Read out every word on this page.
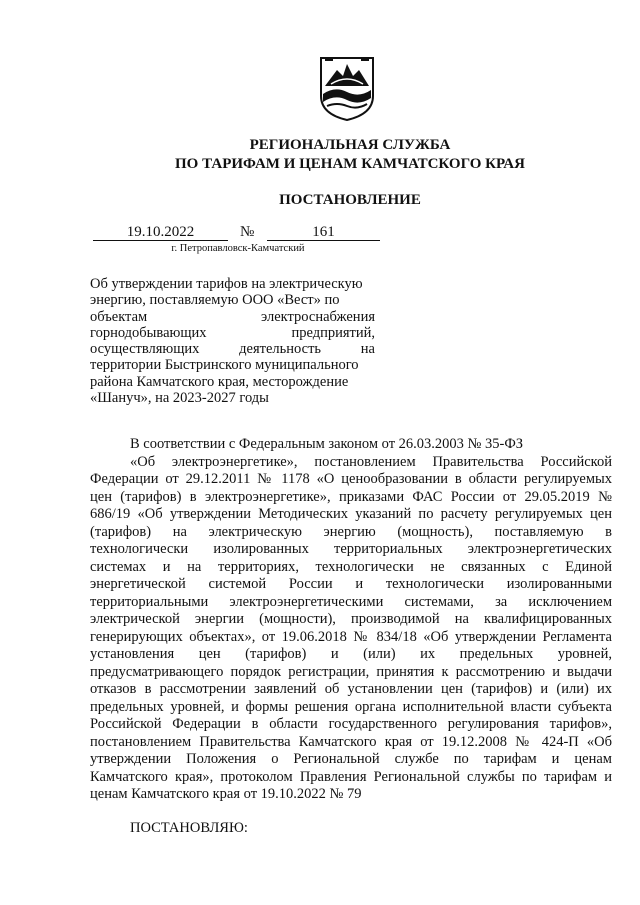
РЕГИОНАЛЬНАЯ СЛУЖБА
ПО ТАРИФАМ И ЦЕНАМ КАМЧАТСКОГО КРАЯ
ПОСТАНОВЛЕНИЕ
19.10.2022	№	161
г. Петропавловск-Камчатский

Об утверждении тарифов на электрическую

энергию, поставляемую ООО «Вест» по

объектам электроснабжения

горнодобывающих предприятий,

осуществляющих деятельность на

территории Быстринского муниципального

района Камчатского края, месторождение

«Шануч», на 2023-2027 годы

В соответствии с Федеральным законом от 26.03.2003 № 35-ФЗ

«Об электроэнергетике», постановлением Правительства Российской

Федерации от 29.12.2011 № 1178 «О ценообразовании в области регулируемых

цен (тарифов) в электроэнергетике», приказами ФАС России от 29.05.2019 №

686/19 «Об утверждении Методических указаний по расчету регулируемых цен

(тарифов) на электрическую энергию (мощность), поставляемую в

технологически изолированных территориальных электроэнергетических

системах и на территориях, технологически не связанных с Единой

энергетической системой России и технологически изолированными

территориальными электроэнергетическими системами, за исключением

электрической энергии (мощности), производимой на квалифицированных

генерирующих объектах», от 19.06.2018 № 834/18 «Об утверждении Регламента

установления цен (тарифов) и (или) их предельных уровней,

предусматривающего порядок регистрации, принятия к рассмотрению и выдачи

отказов в рассмотрении заявлений об установлении цен (тарифов) и (или) их

предельных уровней, и формы решения органа исполнительной власти субъекта

Российской Федерации в области государственного регулирования тарифов»,

постановлением Правительства Камчатского края от 19.12.2008 № 424-П «Об

утверждении Положения о Региональной службе по тарифам и ценам

Камчатского края», протоколом Правления Региональной службы по тарифам и

ценам Камчатского края от 19.10.2022 № 79

ПОСТАНОВЛЯЮ:
